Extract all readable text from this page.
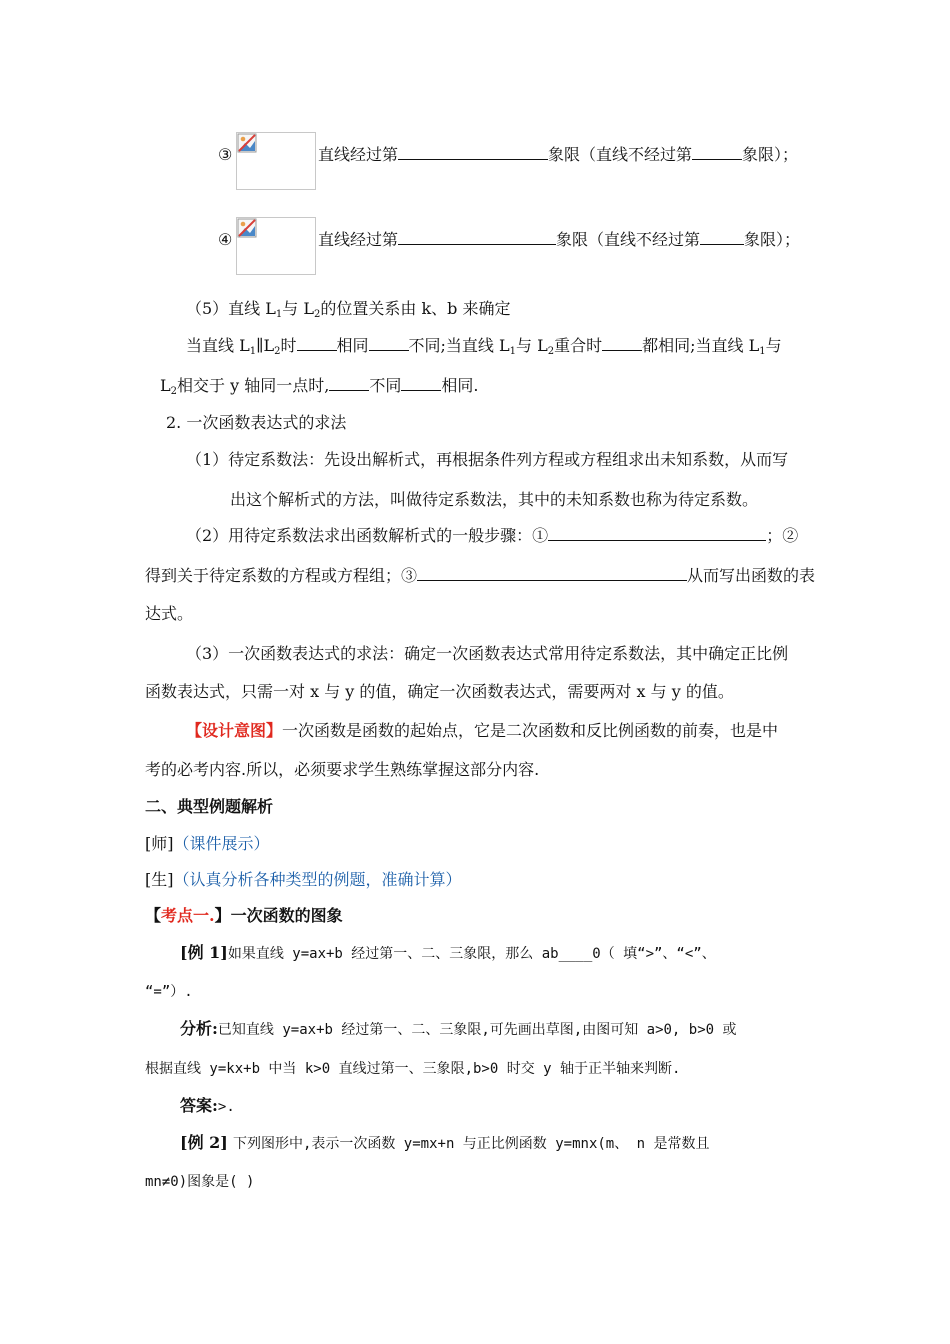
③	直线经过第	象限（直线不经过第	象限）；
④	直线经过第	象限（直线不经过第	象限）；
（5）直线 $L_1$与 $L_2$的位置关系由 k、b 来确定
当直线 $L_1\parallel L_2$时	相同	不同;当直线 $L_1$与 $L_2$重合时	都相同;当直线 $L_1$与
$L_2$相交于 y 轴同一点时,	不同	相同.
2. 一次函数表达式的求法
（1）待定系数法：先设出解析式，再根据条件列方程或方程组求出未知系数，从而写
出这个解析式的方法，叫做待定系数法，其中的未知系数也称为待定系数。
（2）用待定系数法求出函数解析式的一般步骤：①	；②
得到关于待定系数的方程或方程组；③	从而写出函数的表
达式。
（3）一次函数表达式的求法：确定一次函数表达式常用待定系数法，其中确定正比例
函数表达式，只需一对 x 与 y 的值，确定一次函数表达式，需要两对 x 与 y 的值。
【设计意图】一次函数是函数的起始点，它是二次函数和反比例函数的前奏，也是中
考的必考内容.所以，必须要求学生熟练掌握这部分内容.
二、典型例题解析
[师]（课件展示）
[生]（认真分析各种类型的例题，准确计算）
【考点一.】一次函数的图象
[例 1]如果直线 y=ax+b 经过第一、二、三象限，那么 ab____0（ 填“>”、“<”、
“=”）.
分析:已知直线 y=ax+b 经过第一、二、三象限,可先画出草图,由图可知 a>0, b>0 或
根据直线 y=kx+b 中当 k>0 直线过第一、三象限,b>0 时交 y 轴于正半轴来判断.
答案:>.
[例 2] 下列图形中,表示一次函数 y=mx+n 与正比例函数 y=mnx(m、 n 是常数且
mn≠0)图象是( )
